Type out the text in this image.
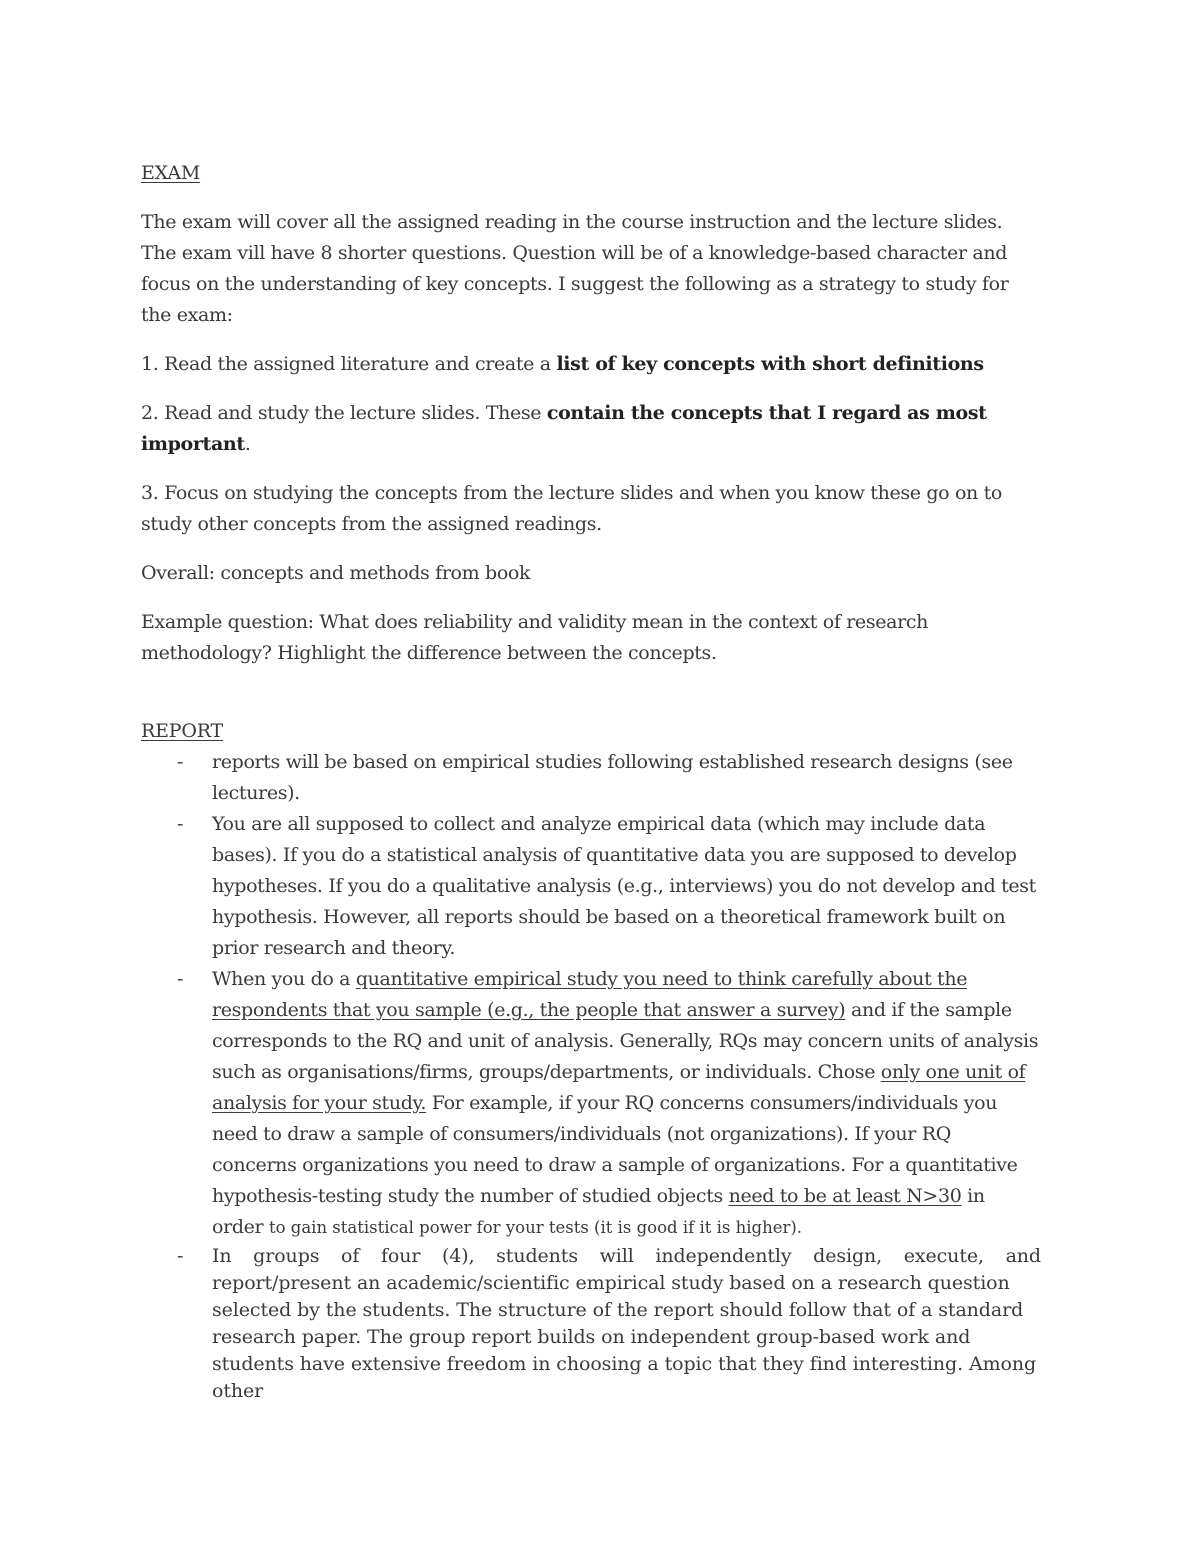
EXAM

The exam will cover all the assigned reading in the course instruction and the lecture slides. The exam vill have 8 shorter questions. Question will be of a knowledge-based character and focus on the understanding of key concepts. I suggest the following as a strategy to study for the exam:

1. Read the assigned literature and create a list of key concepts with short definitions

2. Read and study the lecture slides. These contain the concepts that I regard as most important.

3. Focus on studying the concepts from the lecture slides and when you know these go on to study other concepts from the assigned readings.

Overall: concepts and methods from book

Example question: What does reliability and validity mean in the context of research methodology? Highlight the difference between the concepts.

REPORT
- reports will be based on empirical studies following established research designs (see lectures).
- You are all supposed to collect and analyze empirical data (which may include data bases). If you do a statistical analysis of quantitative data you are supposed to develop hypotheses. If you do a qualitative analysis (e.g., interviews) you do not develop and test hypothesis. However, all reports should be based on a theoretical framework built on prior research and theory.
- When you do a quantitative empirical study you need to think carefully about the respondents that you sample (e.g., the people that answer a survey) and if the sample corresponds to the RQ and unit of analysis. Generally, RQs may concern units of analysis such as organisations/firms, groups/departments, or individuals. Chose only one unit of analysis for your study. For example, if your RQ concerns consumers/individuals you need to draw a sample of consumers/individuals (not organizations). If your RQ concerns organizations you need to draw a sample of organizations. For a quantitative hypothesis-testing study the number of studied objects need to be at least N>30 in order to gain statistical power for your tests (it is good if it is higher).
- In groups of four (4), students will independently design, execute, and
report/present an academic/scientific empirical study based on a research question selected by the students. The structure of the report should follow that of a standard research paper. The group report builds on independent group-based work and students have extensive freedom in choosing a topic that they find interesting. Among other
